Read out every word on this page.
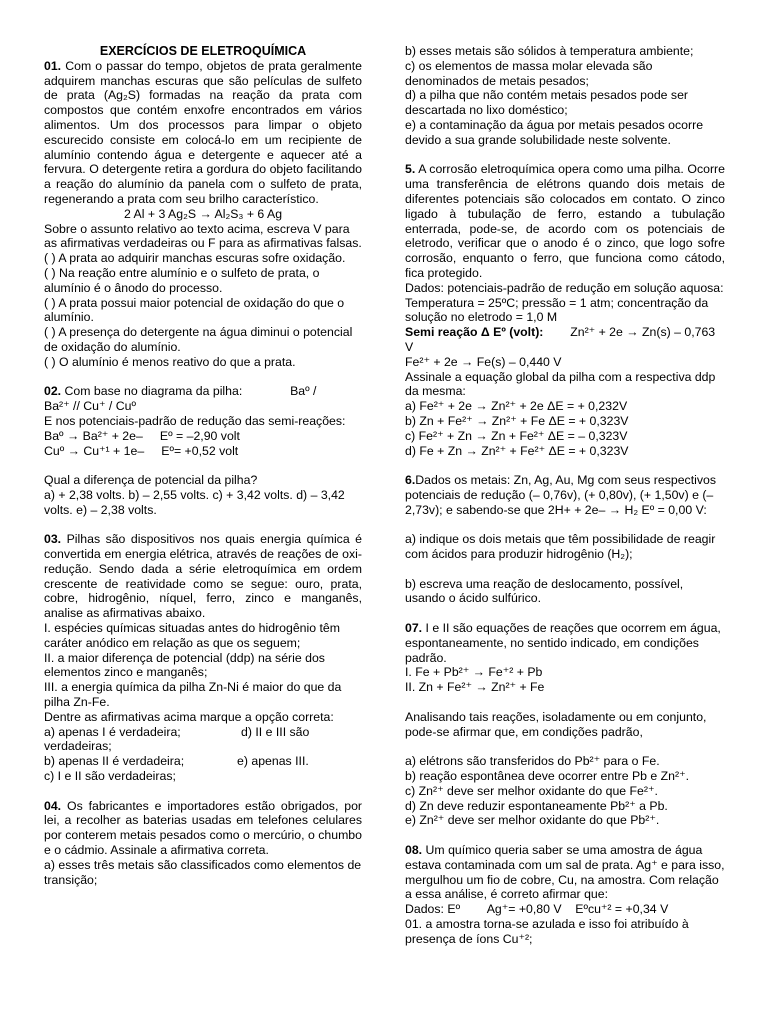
EXERCÍCIOS DE ELETROQUÍMICA

01. Com o passar do tempo, objetos de prata geralmente adquirem manchas escuras que são películas de sulfeto de prata (Ag₂S) formadas na reação da prata com compostos que contém enxofre encontrados em vários alimentos. Um dos processos para limpar o objeto escurecido consiste em colocá-lo em um recipiente de alumínio contendo água e detergente e aquecer até a fervura. O detergente retira a gordura do objeto facilitando a reação do alumínio da panela com o sulfeto de prata, regenerando a prata com seu brilho característico.

2 Al + 3 Ag₂S → Al₂S₃ + 6 Ag

Sobre o assunto relativo ao texto acima, escreva V para as afirmativas verdadeiras ou F para as afirmativas falsas.

( ) A prata ao adquirir manchas escuras sofre oxidação.

( ) Na reação entre alumínio e o sulfeto de prata, o alumínio é o ânodo do processo.

( ) A prata possui maior potencial de oxidação do que o alumínio.

( ) A presença do detergente na água diminui o potencial de oxidação do alumínio.

( ) O alumínio é menos reativo do que a prata.

02. Com base no diagrama da pilha:              Baº /

Ba²⁺ // Cu⁺ / Cuº

E nos potenciais-padrão de redução das semi-reações:

Baº → Ba²⁺ + 2e–     Eº = –2,90 volt

Cuº → Cu⁺¹ + 1e–     Eº= +0,52 volt

Qual a diferença de potencial da pilha?

a) + 2,38 volts. b) – 2,55 volts. c) + 3,42 volts. d) – 3,42 volts. e) – 2,38 volts.

03. Pilhas são dispositivos nos quais energia química é convertida em energia elétrica, através de reações de oxi-redução. Sendo dada a série eletroquímica em ordem crescente de reatividade como se segue: ouro, prata, cobre, hidrogênio, níquel, ferro, zinco e manganês, analise as afirmativas abaixo.

I. espécies químicas situadas antes do hidrogênio têm caráter anódico em relação as que os seguem;

II. a maior diferença de potencial (ddp) na série dos elementos zinco e manganês;

III. a energia química da pilha Zn-Ni é maior do que da pilha Zn-Fe.

Dentre as afirmativas acima marque a opção correta:

a) apenas I é verdadeira;	d) II e III são

verdadeiras;

b) apenas II é verdadeira;	e) apenas III.

c) I e II são verdadeiras;

04. Os fabricantes e importadores estão obrigados, por lei, a recolher as baterias usadas em telefones celulares por conterem metais pesados como o mercúrio, o chumbo e o cádmio. Assinale a afirmativa correta.

a) esses três metais são classificados como elementos de transição;

b) esses metais são sólidos à temperatura ambiente;

c) os elementos de massa molar elevada são denominados de metais pesados;

d) a pilha que não contém metais pesados pode ser descartada no lixo doméstico;

e) a contaminação da água por metais pesados ocorre devido a sua grande solubilidade neste solvente.

5. A corrosão eletroquímica opera como uma pilha. Ocorre uma transferência de elétrons quando dois metais de diferentes potenciais são colocados em contato. O zinco ligado à tubulação de ferro, estando a tubulação enterrada, pode-se, de acordo com os potenciais de eletrodo, verificar que o anodo é o zinco, que logo sofre corrosão, enquanto o ferro, que funciona como cátodo, fica protegido.

Dados: potenciais-padrão de redução em solução aquosa:

Temperatura = 25ºC; pressão = 1 atm; concentração da solução no eletrodo = 1,0 M

Semi reação Δ Eº (volt): Zn²⁺ + 2e → Zn(s) – 0,763 V

Fe²⁺ + 2e → Fe(s) – 0,440 V

Assinale a equação global da pilha com a respectiva ddp da mesma:

a) Fe²⁺ + 2e → Zn²⁺ + 2e ΔE = + 0,232V

b) Zn + Fe²⁺ → Zn²⁺ + Fe ΔE = + 0,323V

c) Fe²⁺ + Zn → Zn + Fe²⁺ ΔE = – 0,323V

d) Fe + Zn → Zn²⁺ + Fe²⁺ ΔE = + 0,323V

6.Dados os metais: Zn, Ag, Au, Mg com seus respectivos potenciais de redução (– 0,76v), (+ 0,80v), (+ 1,50v) e (–2,73v); e sabendo-se que 2H+ + 2e– → H₂ Eº = 0,00 V:

a) indique os dois metais que têm possibilidade de reagir com ácidos para produzir hidrogênio (H₂);

b) escreva uma reação de deslocamento, possível, usando o ácido sulfúrico.

07. I e II são equações de reações que ocorrem em água, espontaneamente, no sentido indicado, em condições padrão.

I. Fe + Pb²⁺ → Fe⁺² + Pb

II. Zn + Fe²⁺ → Zn²⁺ + Fe

Analisando tais reações, isoladamente ou em conjunto, pode-se afirmar que, em condições padrão,

a) elétrons são transferidos do Pb²⁺ para o Fe.

b) reação espontânea deve ocorrer entre Pb e Zn²⁺.

c) Zn²⁺ deve ser melhor oxidante do que Fe²⁺.

d) Zn deve reduzir espontaneamente Pb²⁺ a Pb.

e) Zn²⁺ deve ser melhor oxidante do que Pb²⁺.

08. Um químico queria saber se uma amostra de água estava contaminada com um sal de prata. Ag⁺ e para isso, mergulhou um fio de cobre, Cu, na amostra. Com relação a essa análise, é correto afirmar que:

Dados: Eº        Ag⁺= +0,80 V    Eºcu⁺² = +0,34 V

01. a amostra torna-se azulada e isso foi atribuído à presença de íons Cu⁺²;
